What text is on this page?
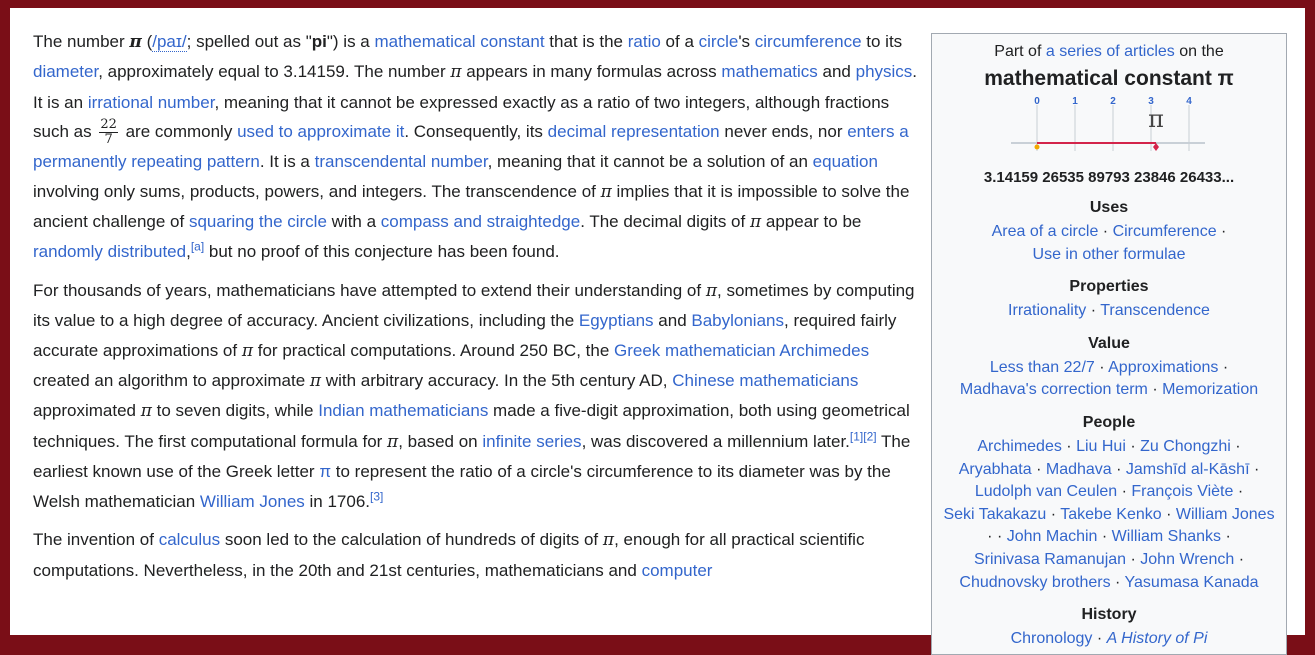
The number π (/paɪ/; spelled out as "pi") is a mathematical constant that is the ratio of a circle's circumference to its diameter, approximately equal to 3.14159. The number π appears in many formulas across mathematics and physics. It is an irrational number, meaning that it cannot be expressed exactly as a ratio of two integers, although fractions such as $\frac{22}{7}$ are commonly used to approximate it. Consequently, its decimal representation never ends, nor enters a permanently repeating pattern. It is a transcendental number, meaning that it cannot be a solution of an equation involving only sums, products, powers, and integers. The transcendence of π implies that it is impossible to solve the ancient challenge of squaring the circle with a compass and straightedge. The decimal digits of π appear to be randomly distributed,[a] but no proof of this conjecture has been found.

For thousands of years, mathematicians have attempted to extend their understanding of π, sometimes by computing its value to a high degree of accuracy. Ancient civilizations, including the Egyptians and Babylonians, required fairly accurate approximations of π for practical computations. Around 250 BC, the Greek mathematician Archimedes created an algorithm to approximate π with arbitrary accuracy. In the 5th century AD, Chinese mathematicians approximated π to seven digits, while Indian mathematicians made a five-digit approximation, both using geometrical techniques. The first computational formula for π, based on infinite series, was discovered a millennium later.[1][2] The earliest known use of the Greek letter π to represent the ratio of a circle's circumference to its diameter was by the Welsh mathematician William Jones in 1706.[3]

The invention of calculus soon led to the calculation of hundreds of digits of π, enough for all practical scientific computations. Nevertheless, in the 20th and 21st centuries, mathematicians and computer

Part of a series of articles on the
mathematical constant π
0	1	2	3	4
π
3.14159 26535 89793 23846 26433...
Uses
Area of a circle · Circumference ·
Use in other formulae
Properties
Irrationality · Transcendence
Value
Less than 22/7 · Approximations ·
Madhava's correction term · Memorization
People
Archimedes · Liu Hui · Zu Chongzhi ·
Aryabhata · Madhava · Jamshīd al-Kāshī ·
Ludolph van Ceulen · François Viète ·
Seki Takakazu · Takebe Kenko · William Jones
· · John Machin · William Shanks ·
Srinivasa Ramanujan · John Wrench ·
Chudnovsky brothers · Yasumasa Kanada
History
Chronology · A History of Pi
